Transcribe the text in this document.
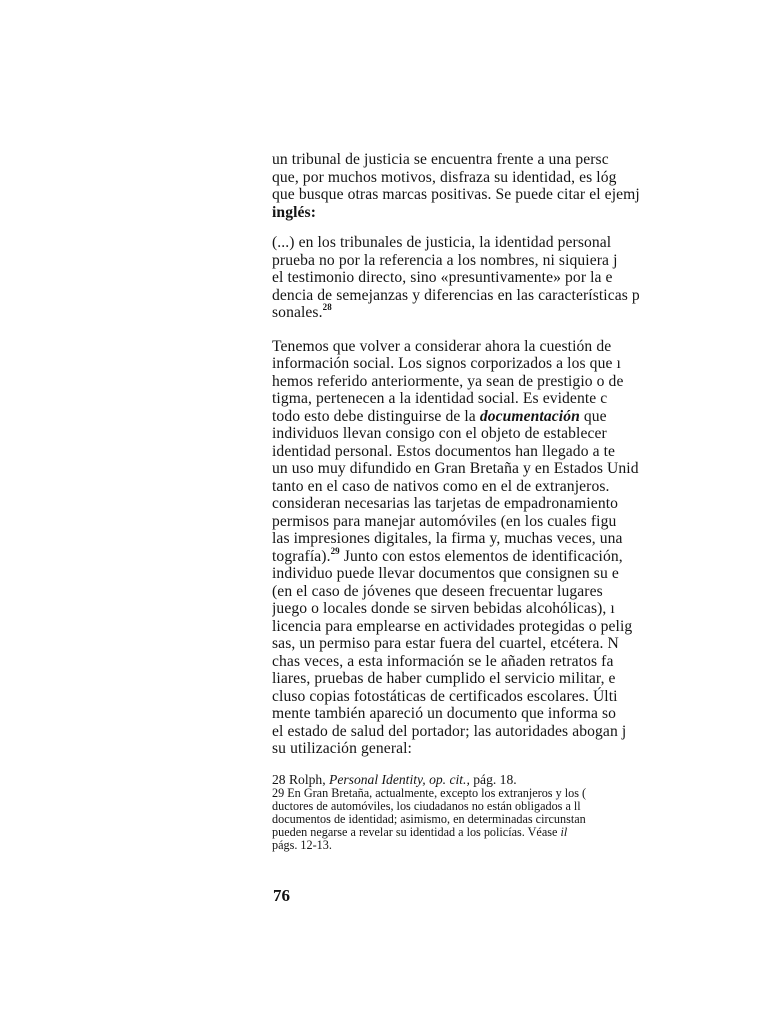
un tribunal de justicia se encuentra frente a una persc
que, por muchos motivos, disfraza su identidad, es lóg
que busque otras marcas positivas. Se puede citar el ejemj
inglés:
(...) en los tribunales de justicia, la identidad personal
prueba no por la referencia a los nombres, ni siquiera j
el testimonio directo, sino «presuntivamente» por la e
dencia de semejanzas y diferencias en las características p
sonales.$^{28}$
Tenemos que volver a considerar ahora la cuestión de
información social. Los signos corporizados a los que ı
hemos referido anteriormente, ya sean de prestigio o de
tigma, pertenecen a la identidad social. Es evidente c
todo esto debe distinguirse de la documentación que
individuos llevan consigo con el objeto de establecer
identidad personal. Estos documentos han llegado a te
un uso muy difundido en Gran Bretaña y en Estados Unid
tanto en el caso de nativos como en el de extranjeros.
consideran necesarias las tarjetas de empadronamiento
permisos para manejar automóviles (en los cuales figu
las impresiones digitales, la firma y, muchas veces, una
tografía).$^{29}$ Junto con estos elementos de identificación,
individuo puede llevar documentos que consignen su e
(en el caso de jóvenes que deseen frecuentar lugares
juego o locales donde se sirven bebidas alcohólicas), ı
licencia para emplearse en actividades protegidas o pelig
sas, un permiso para estar fuera del cuartel, etcétera. N
chas veces, a esta información se le añaden retratos fa
liares, pruebas de haber cumplido el servicio militar, e
cluso copias fotostáticas de certificados escolares. Últi
mente también apareció un documento que informa so
el estado de salud del portador; las autoridades abogan j
su utilización general:
28 Rolph, Personal Identity, op. cit., pág. 18.
29 En Gran Bretaña, actualmente, excepto los extranjeros y los (
ductores de automóviles, los ciudadanos no están obligados a ll
documentos de identidad; asimismo, en determinadas circunstan
pueden negarse a revelar su identidad a los policías. Véase il
págs. 12-13.
76
